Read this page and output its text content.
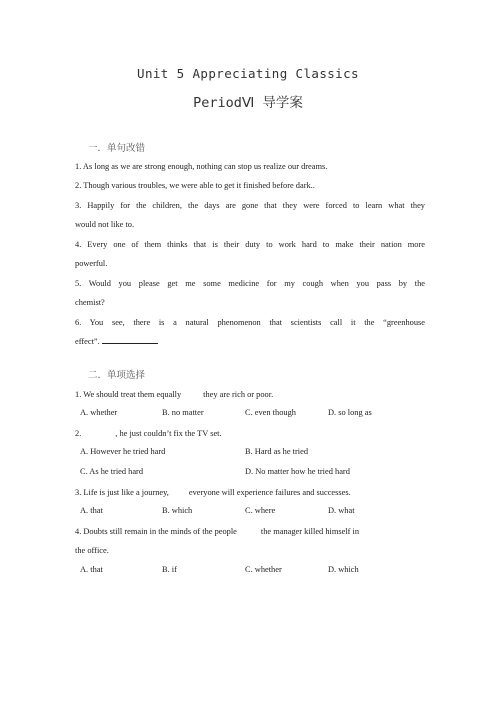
Unit 5 Appreciating Classics
PeriodⅥ 导学案
一．单句改错
1. As long as we are strong enough, nothing can stop us realize our dreams.
2. Though various troubles, we were able to get it finished before dark..
3. Happily for the children, the days are gone that they were forced to learn what they
would not like to.
4. Every one of them thinks that is their duty to work hard to make their nation more
powerful.
5. Would you please get me some medicine for my cough when you pass by the
chemist?
6. You see, there is a natural phenomenon that scientists call it the “greenhouse
effect”.
二．单项选择
1. We should treat them equally	they are rich or poor.
A. whether	B. no matter	C. even though	D. so long as
2.	, he just couldn’t fix the TV set.
A. However he tried hard	B. Hard as he tried
C. As he tried hard	D. No matter how he tried hard
3. Life is just like a journey, everyone will experience failures and successes.
A. that	B. which	C. where	D. what
4. Doubts still remain in the minds of the people	the manager killed himself in
the office.
A. that	B. if	C. whether	D. which
